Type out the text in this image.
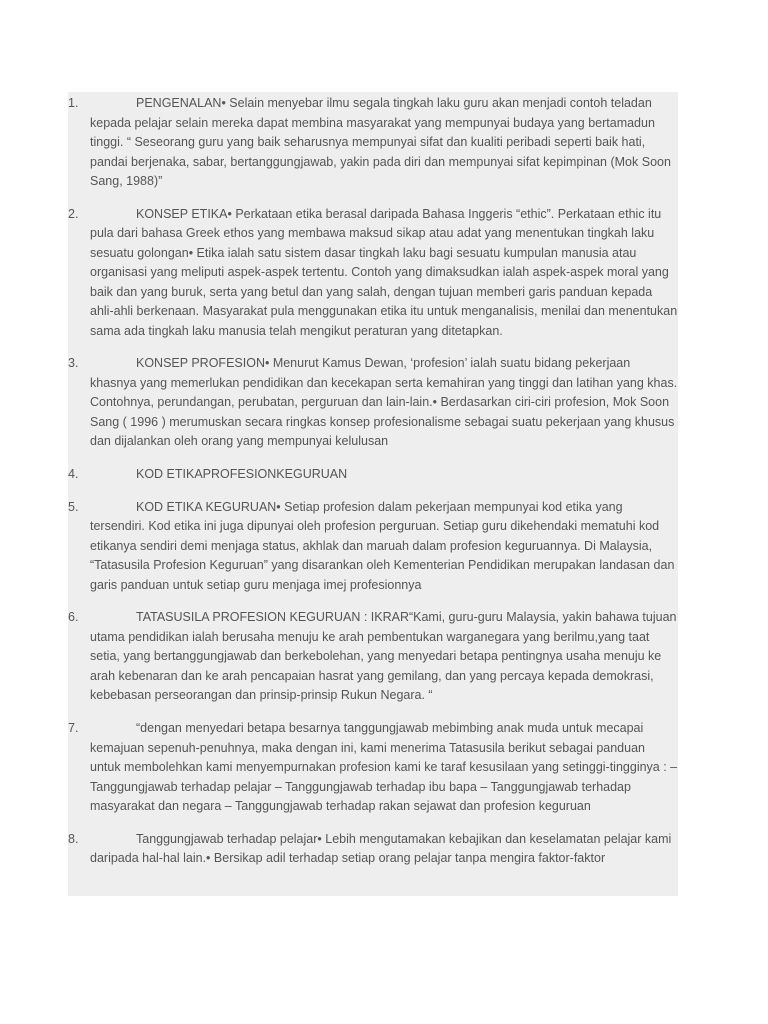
1.	PENGENALAN• Selain menyebar ilmu segala tingkah laku guru akan menjadi contoh teladan kepada pelajar selain mereka dapat membina masyarakat yang mempunyai budaya yang bertamadun tinggi. “ Seseorang guru yang baik seharusnya mempunyai sifat dan kualiti peribadi seperti baik hati, pandai berjenaka, sabar, bertanggungjawab, yakin pada diri dan mempunyai sifat kepimpinan (Mok Soon Sang, 1988)”
2.	KONSEP ETIKA• Perkataan etika berasal daripada Bahasa Inggeris “ethic”. Perkataan ethic itu pula dari bahasa Greek ethos yang membawa maksud sikap atau adat yang menentukan tingkah laku sesuatu golongan• Etika ialah satu sistem dasar tingkah laku bagi sesuatu kumpulan manusia atau organisasi yang meliputi aspek-aspek tertentu. Contoh yang dimaksudkan ialah aspek-aspek moral yang baik dan yang buruk, serta yang betul dan yang salah, dengan tujuan memberi garis panduan kepada ahli-ahli berkenaan. Masyarakat pula menggunakan etika itu untuk menganalisis, menilai dan menentukan sama ada tingkah laku manusia telah mengikut peraturan yang ditetapkan.
3.	KONSEP PROFESION• Menurut Kamus Dewan, ‘profesion’ ialah suatu bidang pekerjaan khasnya yang memerlukan pendidikan dan kecekapan serta kemahiran yang tinggi dan latihan yang khas. Contohnya, perundangan, perubatan, perguruan dan lain-lain.• Berdasarkan ciri-ciri profesion, Mok Soon Sang ( 1996 ) merumuskan secara ringkas konsep profesionalisme sebagai suatu pekerjaan yang khusus dan dijalankan oleh orang yang mempunyai kelulusan
4.	KOD ETIKAPROFESIONKEGURUAN
5.	KOD ETIKA KEGURUAN• Setiap profesion dalam pekerjaan mempunyai kod etika yang tersendiri. Kod etika ini juga dipunyai oleh profesion perguruan. Setiap guru dikehendaki mematuhi kod etikanya sendiri demi menjaga status, akhlak dan maruah dalam profesion keguruannya. Di Malaysia, “Tatasusila Profesion Keguruan” yang disarankan oleh Kementerian Pendidikan merupakan landasan dan garis panduan untuk setiap guru menjaga imej profesionnya
6.	TATASUSILA PROFESION KEGURUAN : IKRAR“Kami, guru-guru Malaysia, yakin bahawa tujuan utama pendidikan ialah berusaha menuju ke arah pembentukan warganegara yang berilmu,yang taat setia, yang bertanggungjawab dan berkebolehan, yang menyedari betapa pentingnya usaha menuju ke arah kebenaran dan ke arah pencapaian hasrat yang gemilang, dan yang percaya kepada demokrasi, kebebasan perseorangan dan prinsip-prinsip Rukun Negara. “
7.	“dengan menyedari betapa besarnya tanggungjawab mebimbing anak muda untuk mecapai kemajuan sepenuh-penuhnya, maka dengan ini, kami menerima Tatasusila berikut sebagai panduan untuk membolehkan kami menyempurnakan profesion kami ke taraf kesusilaan yang setinggi-tingginya : – Tanggungjawab terhadap pelajar – Tanggungjawab terhadap ibu bapa – Tanggungjawab terhadap masyarakat dan negara – Tanggungjawab terhadap rakan sejawat dan profesion keguruan
8.	Tanggungjawab terhadap pelajar• Lebih mengutamakan kebajikan dan keselamatan pelajar kami daripada hal-hal lain.• Bersikap adil terhadap setiap orang pelajar tanpa mengira faktor-faktor
